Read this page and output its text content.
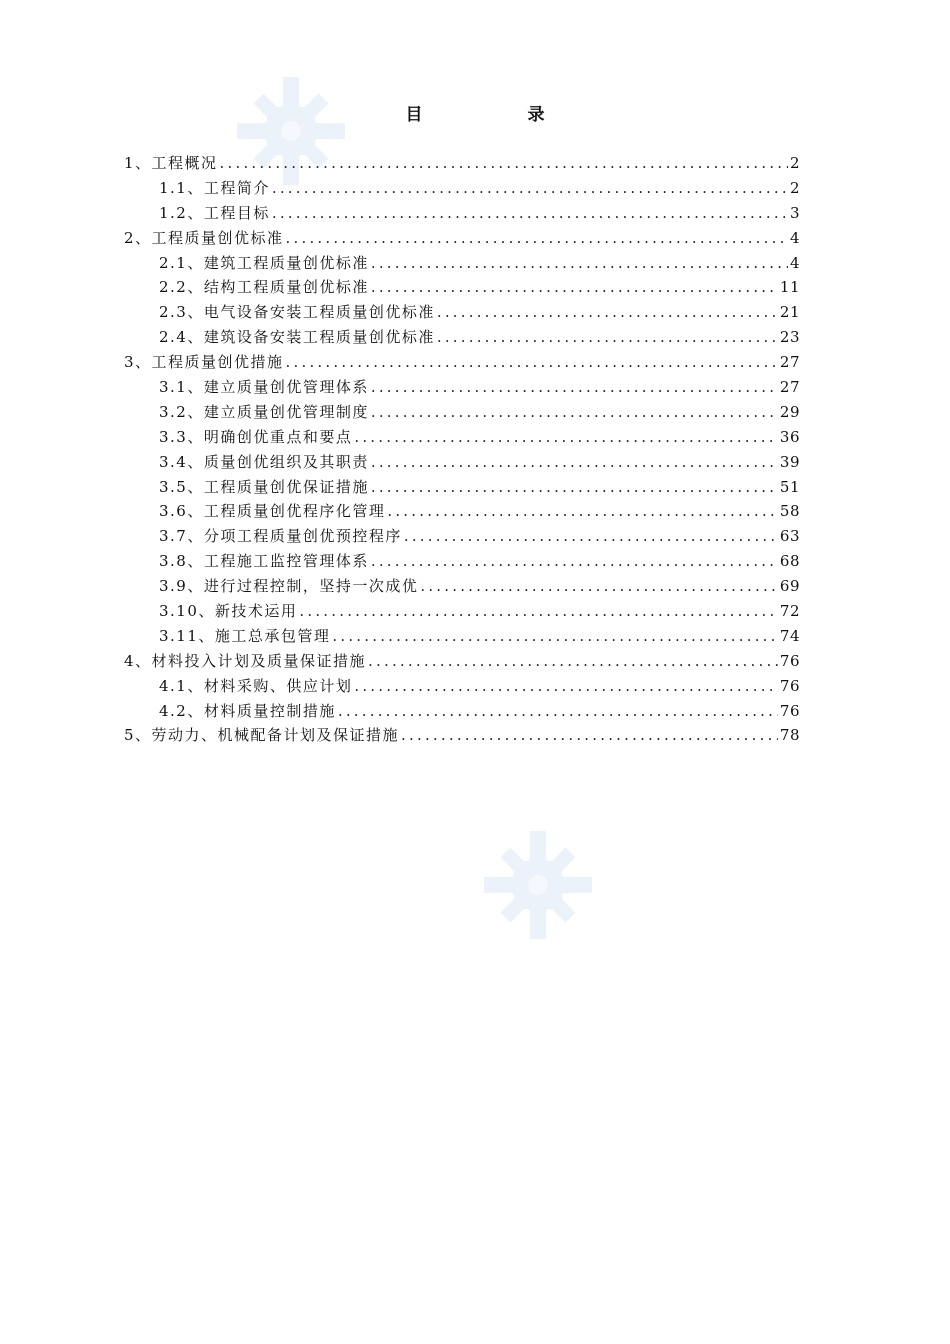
目　录
1、工程概况 .....	2
1.1、工程简介 .....	2
1.2、工程目标 .....	3
2、工程质量创优标准 .....	4
2.1、建筑工程质量创优标准 .....	4
2.2、结构工程质量创优标准 .....	11
2.3、电气设备安装工程质量创优标准 .....	21
2.4、建筑设备安装工程质量创优标准 .....	23
3、工程质量创优措施 .....	27
3.1、建立质量创优管理体系 .....	27
3.2、建立质量创优管理制度 .....	29
3.3、明确创优重点和要点 .....	36
3.4、质量创优组织及其职责 .....	39
3.5、工程质量创优保证措施 .....	51
3.6、工程质量创优程序化管理 .....	58
3.7、分项工程质量创优预控程序 .....	63
3.8、工程施工监控管理体系 .....	68
3.9、进行过程控制，坚持一次成优 .....	69
3.10、新技术运用 .....	72
3.11、施工总承包管理 .....	74
4、材料投入计划及质量保证措施 .....	76
4.1、材料采购、供应计划 .....	76
4.2、材料质量控制措施 .....	76
5、劳动力、机械配备计划及保证措施 .....	78
